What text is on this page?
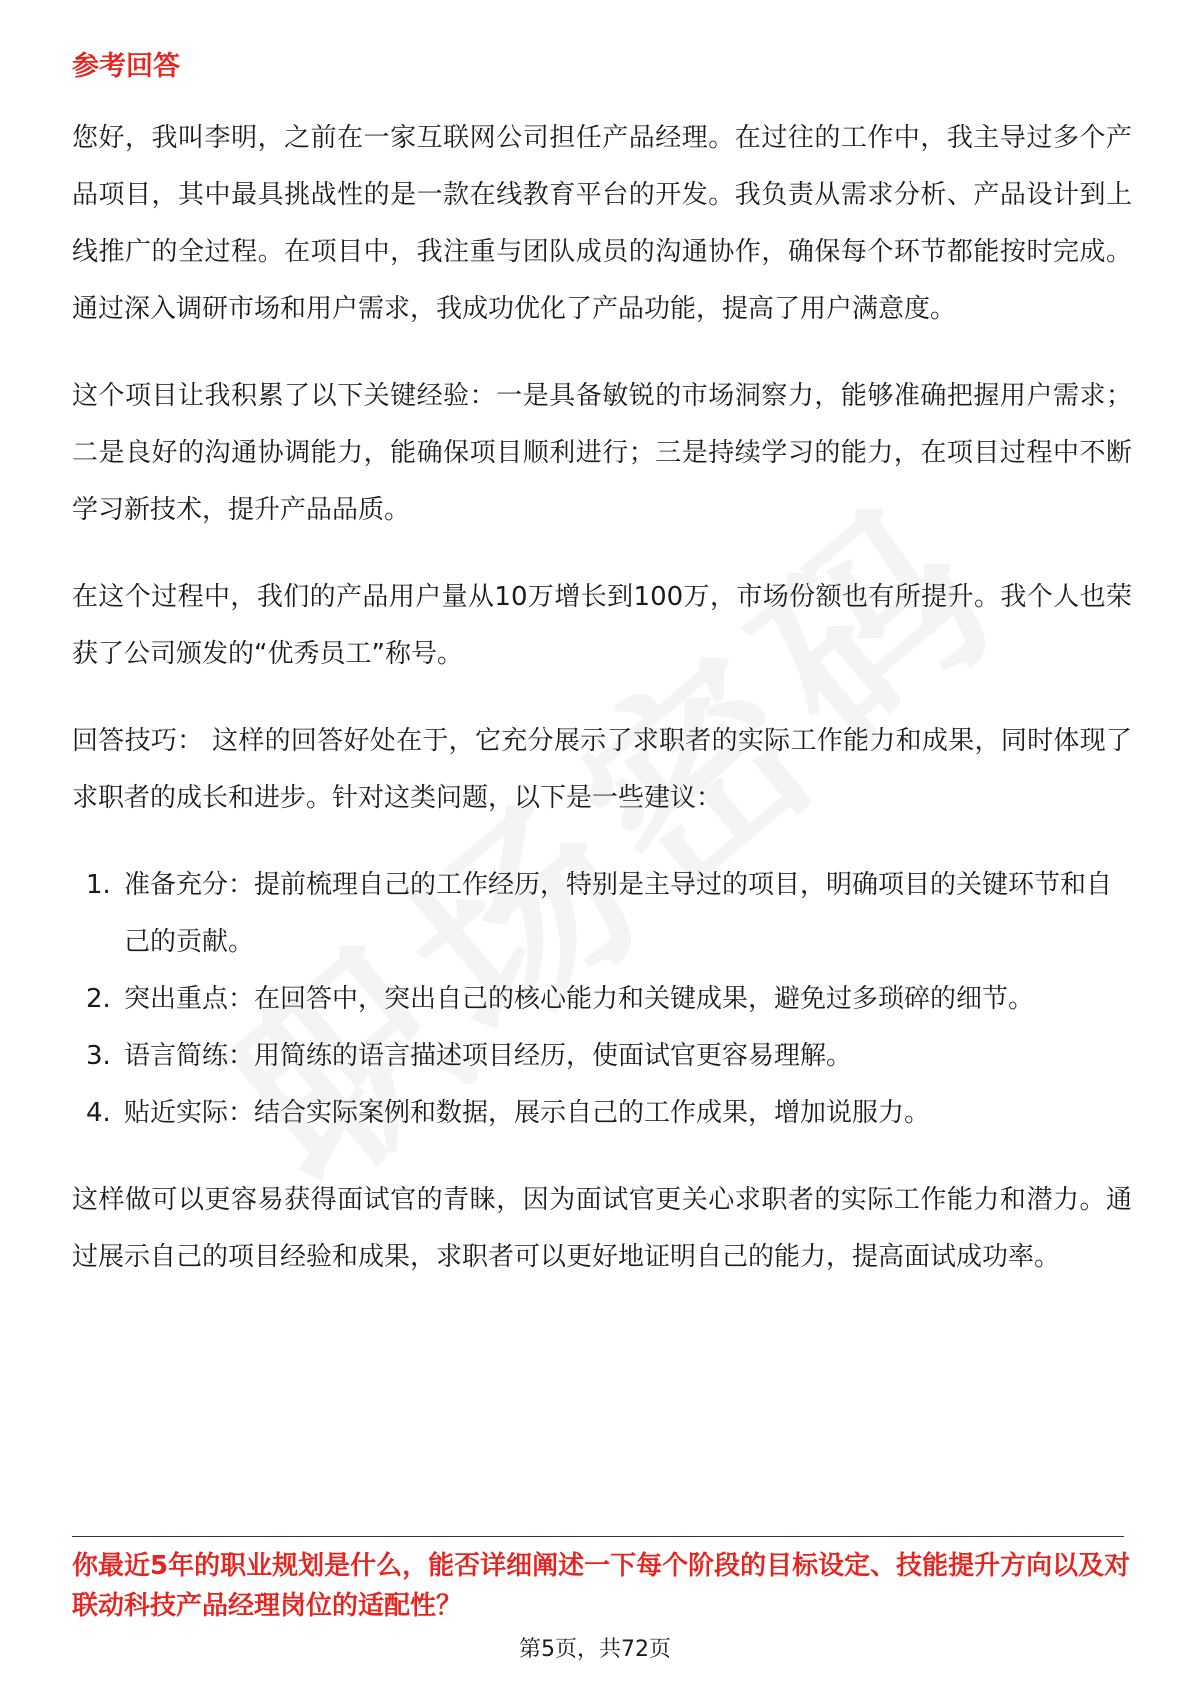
参考回答

您好，我叫李明，之前在一家互联网公司担任产品经理。在过往的工作中，我主导过多个产品项目，其中最具挑战性的是一款在线教育平台的开发。我负责从需求分析、产品设计到上线推广的全过程。在项目中，我注重与团队成员的沟通协作，确保每个环节都能按时完成。通过深入调研市场和用户需求，我成功优化了产品功能，提高了用户满意度。

这个项目让我积累了以下关键经验：一是具备敏锐的市场洞察力，能够准确把握用户需求；二是良好的沟通协调能力，能确保项目顺利进行；三是持续学习的能力，在项目过程中不断学习新技术，提升产品品质。

在这个过程中，我们的产品用户量从10万增长到100万，市场份额也有所提升。我个人也荣获了公司颁发的“优秀员工”称号。

回答技巧： 这样的回答好处在于，它充分展示了求职者的实际工作能力和成果，同时体现了求职者的成长和进步。针对这类问题，以下是一些建议：

1. 准备充分：提前梳理自己的工作经历，特别是主导过的项目，明确项目的关键环节和自己的贡献。
2. 突出重点：在回答中，突出自己的核心能力和关键成果，避免过多琐碎的细节。
3. 语言简练：用简练的语言描述项目经历，使面试官更容易理解。
4. 贴近实际：结合实际案例和数据，展示自己的工作成果，增加说服力。

这样做可以更容易获得面试官的青睐，因为面试官更关心求职者的实际工作能力和潜力。通过展示自己的项目经验和成果，求职者可以更好地证明自己的能力，提高面试成功率。

你最近5年的职业规划是什么，能否详细阐述一下每个阶段的目标设定、技能提升方向以及对联动科技产品经理岗位的适配性？
第5页，共72页
